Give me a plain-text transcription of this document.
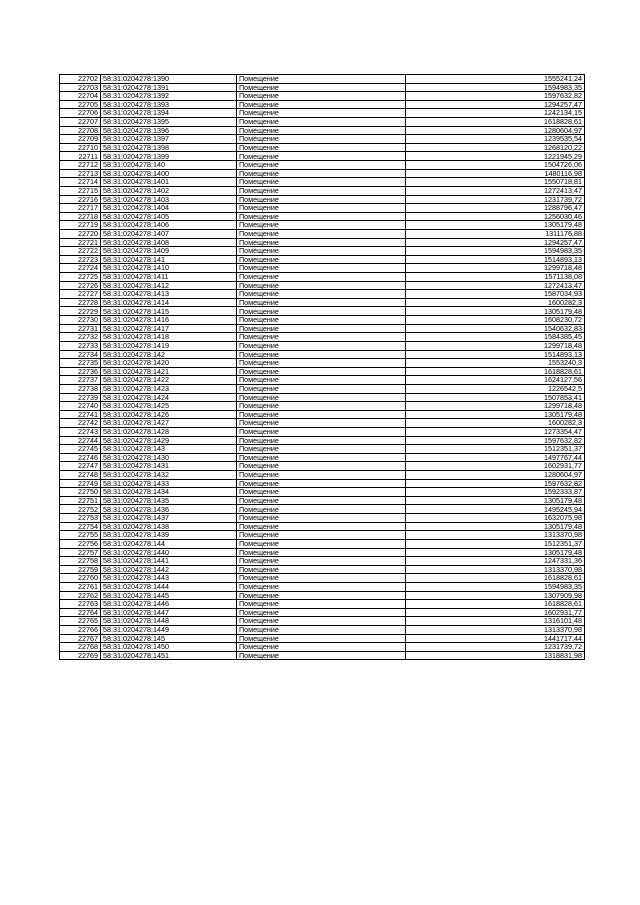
22702	58:31:0204278:1390	Помещение	1555241,24
22703	58:31:0204278:1391	Помещение	1594983,35
22704	58:31:0204278:1392	Помещение	1597632,82
22705	58:31:0204278:1393	Помещение	1294257,47
22706	58:31:0204278:1394	Помещение	1242134,15
22707	58:31:0204278:1395	Помещение	1618828,61
22708	58:31:0204278:1396	Помещение	1280604,97
22709	58:31:0204278:1397	Помещение	1239535,54
22710	58:31:0204278:1398	Помещение	1268120,22
22711	58:31:0204278:1399	Помещение	1221945,29
22712	58:31:0204278:140	Помещение	1504726,06
22713	58:31:0204278:1400	Помещение	1480116,98
22714	58:31:0204278:1401	Помещение	1550718,81
22715	58:31:0204278:1402	Помещение	1272413,47
22716	58:31:0204278:1403	Помещение	1231739,72
22717	58:31:0204278:1404	Помещение	1288796,47
22718	58:31:0204278:1405	Помещение	1256030,46
22719	58:31:0204278:1406	Помещение	1305179,48
22720	58:31:0204278:1407	Помещение	1311176,88
22721	58:31:0204278:1408	Помещение	1294257,47
22722	58:31:0204278:1409	Помещение	1594983,35
22723	58:31:0204278:141	Помещение	1514893,13
22724	58:31:0204278:1410	Помещение	1299718,48
22725	58:31:0204278:1411	Помещение	1571138,08
22726	58:31:0204278:1412	Помещение	1272413,47
22727	58:31:0204278:1413	Помещение	1587034,93
22728	58:31:0204278:1414	Помещение	1600282,3
22729	58:31:0204278:1415	Помещение	1305179,48
22730	58:31:0204278:1416	Помещение	1608230,72
22731	58:31:0204278:1417	Помещение	1540632,83
22732	58:31:0204278:1418	Помещение	1584385,45
22733	58:31:0204278:1419	Помещение	1299718,48
22734	58:31:0204278:142	Помещение	1514893,13
22735	58:31:0204278:1420	Помещение	1553240,3
22736	58:31:0204278:1421	Помещение	1618828,61
22737	58:31:0204278:1422	Помещение	1624127,56
22738	58:31:0204278:1423	Помещение	1226542,5
22739	58:31:0204278:1424	Помещение	1507853,41
22740	58:31:0204278:1425	Помещение	1299718,48
22741	58:31:0204278:1426	Помещение	1305179,48
22742	58:31:0204278:1427	Помещение	1600282,3
22743	58:31:0204278:1428	Помещение	1273354,47
22744	58:31:0204278:1429	Помещение	1597632,82
22745	58:31:0204278:143	Помещение	1512351,37
22746	58:31:0204278:1430	Помещение	1497767,44
22747	58:31:0204278:1431	Помещение	1602931,77
22748	58:31:0204278:1432	Помещение	1280604,97
22749	58:31:0204278:1433	Помещение	1597632,82
22750	58:31:0204278:1434	Помещение	1592333,87
22751	58:31:0204278:1435	Помещение	1305179,48
22752	58:31:0204278:1436	Помещение	1495245,94
22753	58:31:0204278:1437	Помещение	1632075,98
22754	58:31:0204278:1438	Помещение	1305179,48
22755	58:31:0204278:1439	Помещение	1313370,98
22756	58:31:0204278:144	Помещение	1512351,37
22757	58:31:0204278:1440	Помещение	1305179,48
22758	58:31:0204278:1441	Помещение	1247331,36
22759	58:31:0204278:1442	Помещение	1313370,98
22760	58:31:0204278:1443	Помещение	1618828,61
22761	58:31:0204278:1444	Помещение	1594983,35
22762	58:31:0204278:1445	Помещение	1307909,98
22763	58:31:0204278:1446	Помещение	1618828,61
22764	58:31:0204278:1447	Помещение	1602931,77
22765	58:31:0204278:1448	Помещение	1316101,48
22766	58:31:0204278:1449	Помещение	1313370,98
22767	58:31:0204278:145	Помещение	1441717,44
22768	58:31:0204278:1450	Помещение	1231739,72
22769	58:31:0204278:1451	Помещение	1318831,98
